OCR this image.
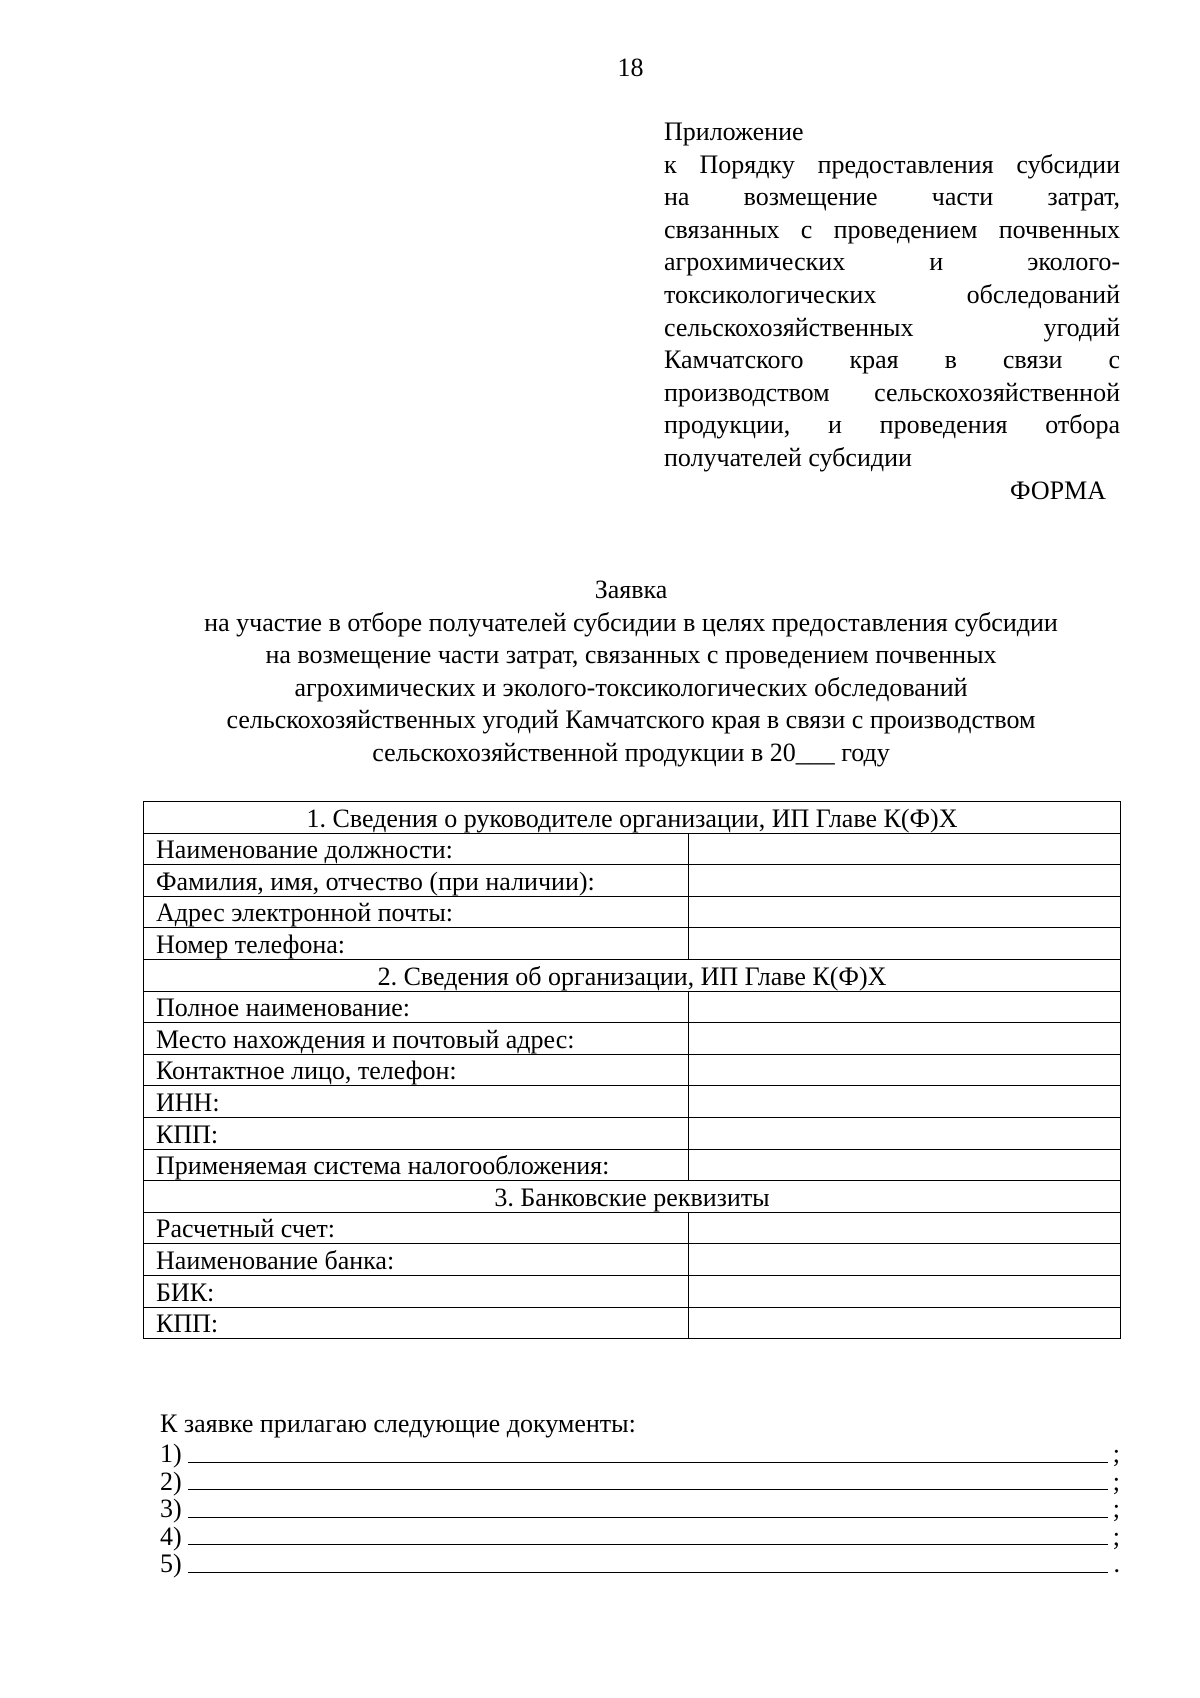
18
Приложение
к Порядку предоставления субсидии
на возмещение части затрат,
связанных с проведением почвенных
агрохимических и эколого-
токсикологических обследований
сельскохозяйственных угодий
Камчатского края в связи с
производством сельскохозяйственной
продукции, и проведения отбора
получателей субсидии
ФОРМА
Заявка
на участие в отборе получателей субсидии в целях предоставления субсидии
на возмещение части затрат, связанных с проведением почвенных
агрохимических и эколого-токсикологических обследований
сельскохозяйственных угодий Камчатского края в связи с производством
сельскохозяйственной продукции в 20___ году
1. Сведения о руководителе организации, ИП Главе К(Ф)Х	
Наименование должности:	
Фамилия, имя, отчество (при наличии):	
Адрес электронной почты:	
Номер телефона:	
2. Сведения об организации, ИП Главе К(Ф)Х	
Полное наименование:	
Место нахождения и почтовый адрес:	
Контактное лицо, телефон:	
ИНН:	
КПП:	
Применяемая система налогообложения:	
3. Банковские реквизиты	
Расчетный счет:	
Наименование банка:	
БИК:	
КПП:	
К заявке прилагаю следующие документы:
1)	;
2)	;
3)	;
4)	;
5)	.
